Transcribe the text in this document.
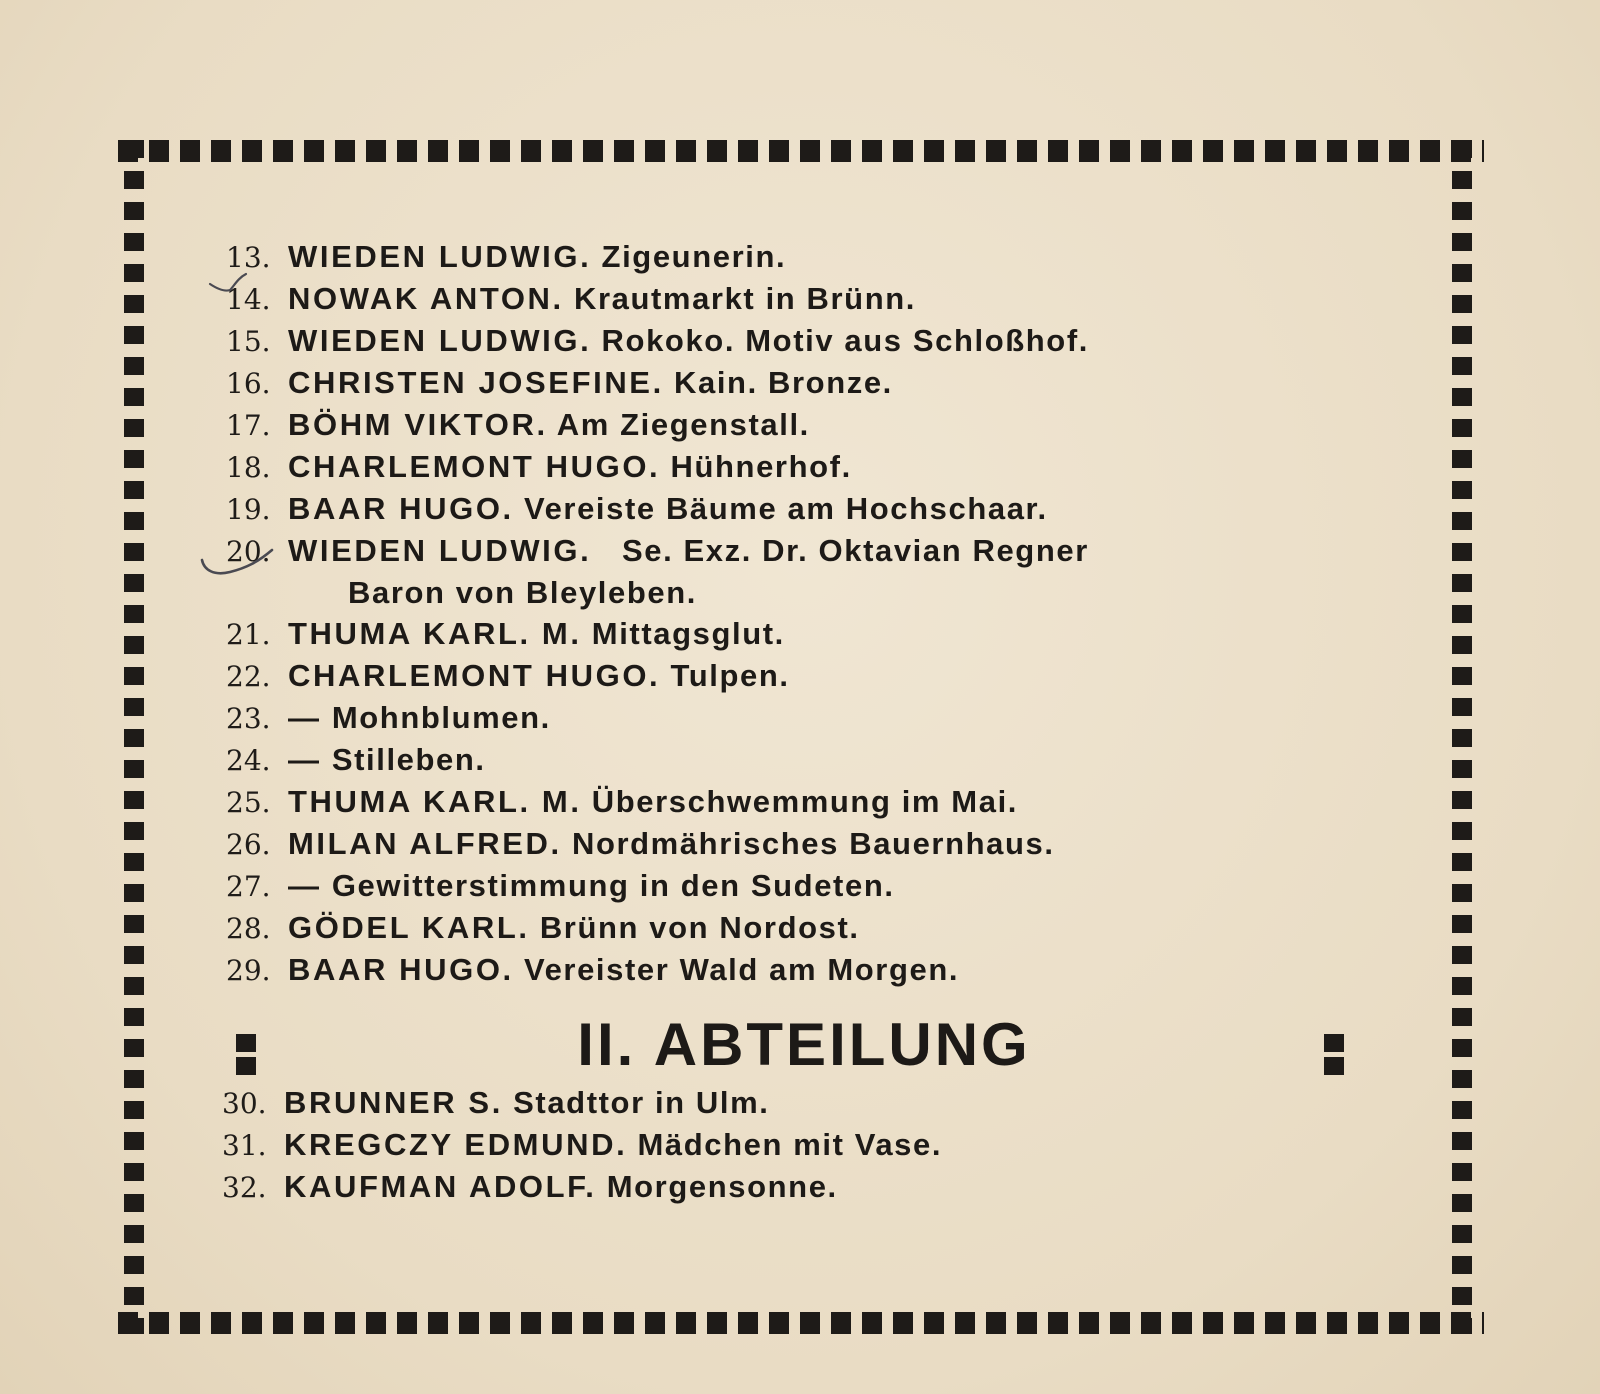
13. WIEDEN LUDWIG. Zigeunerin.
14. NOWAK ANTON. Krautmarkt in Brünn.
15. WIEDEN LUDWIG. Rokoko. Motiv aus Schloßhof.
16. CHRISTEN JOSEFINE. Kain. Bronze.
17. BÖHM VIKTOR. Am Ziegenstall.
18. CHARLEMONT HUGO. Hühnerhof.
19. BAAR HUGO. Vereiste Bäume am Hochschaar.
20. WIEDEN LUDWIG. Se. Exz. Dr. Oktavian Regner
Baron von Bleyleben.
21. THUMA KARL. M. Mittagsglut.
22. CHARLEMONT HUGO. Tulpen.
23. — Mohnblumen.
24. — Stilleben.
25. THUMA KARL. M. Überschwemmung im Mai.
26. MILAN ALFRED. Nordmährisches Bauernhaus.
27. — Gewitterstimmung in den Sudeten.
28. GÖDEL KARL. Brünn von Nordost.
29. BAAR HUGO. Vereister Wald am Morgen.
II. ABTEILUNG
30. BRUNNER S. Stadttor in Ulm.
31. KREGCZY EDMUND. Mädchen mit Vase.
32. KAUFMAN ADOLF. Morgensonne.
